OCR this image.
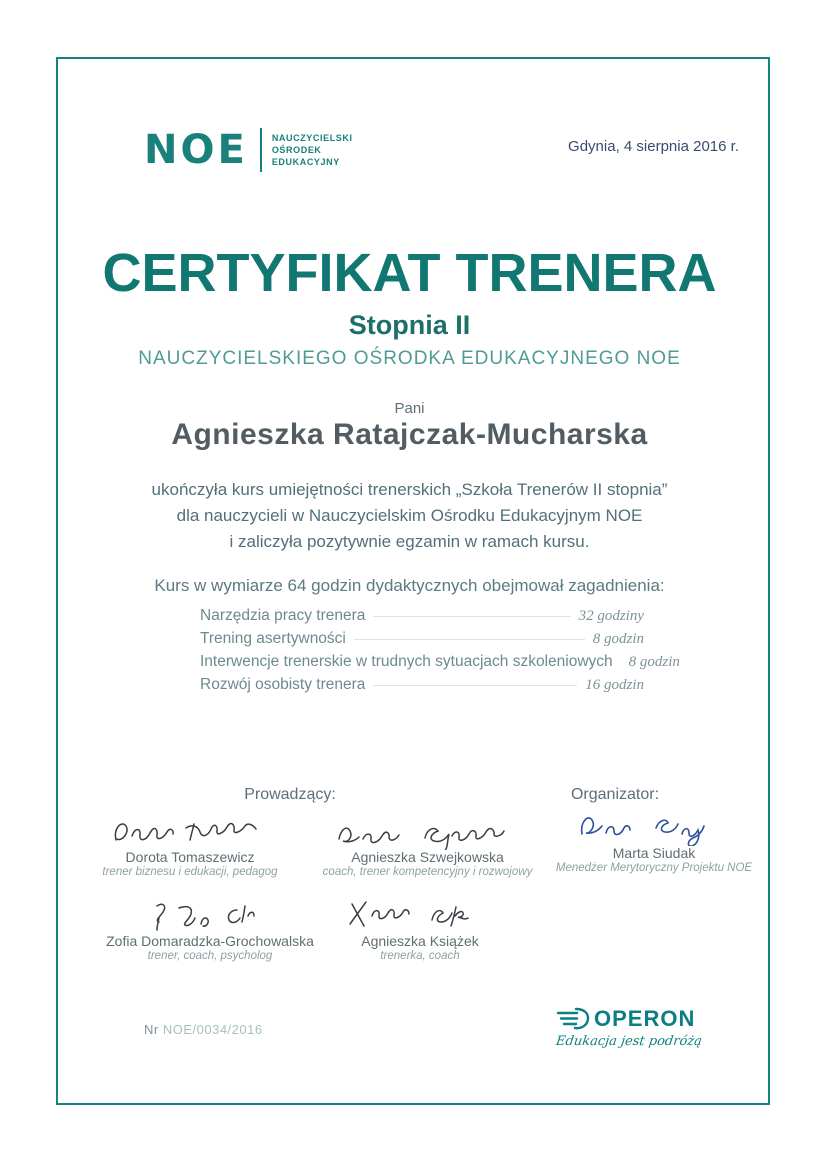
NOE	NAUCZYCIELSKI
OŚRODEK
EDUKACYJNY
Gdynia, 4 sierpnia 2016 r.
CERTYFIKAT TRENERA
Stopnia II
NAUCZYCIELSKIEGO OŚRODKA EDUKACYJNEGO NOE
Pani
Agnieszka Ratajczak-Mucharska
ukończyła kurs umiejętności trenerskich „Szkoła Trenerów II stopnia”
dla nauczycieli w Nauczycielskim Ośrodku Edukacyjnym NOE
i zaliczyła pozytywnie egzamin w ramach kursu.
Kurs w wymiarze 64 godzin dydaktycznych obejmował zagadnienia:
Narzędzia pracy trenera	32 godziny
Trening asertywności	8 godzin
Interwencje trenerskie w trudnych sytuacjach szkoleniowych 8 godzin
Rozwój osobisty trenera	16 godzin
Prowadzący:	Organizator:
Dorota Tomaszewicz
trener biznesu i edukacji, pedagog
Agnieszka Szwejkowska
coach, trener kompetencyjny i rozwojowy
Marta Siudak
Menedżer Merytoryczny Projektu NOE
Zofia Domaradzka-Grochowalska
trener, coach, psycholog
Agnieszka Książek
trenerka, coach
Nr NOE/0034/2016	OPERON
Edukacja jest podróżą
